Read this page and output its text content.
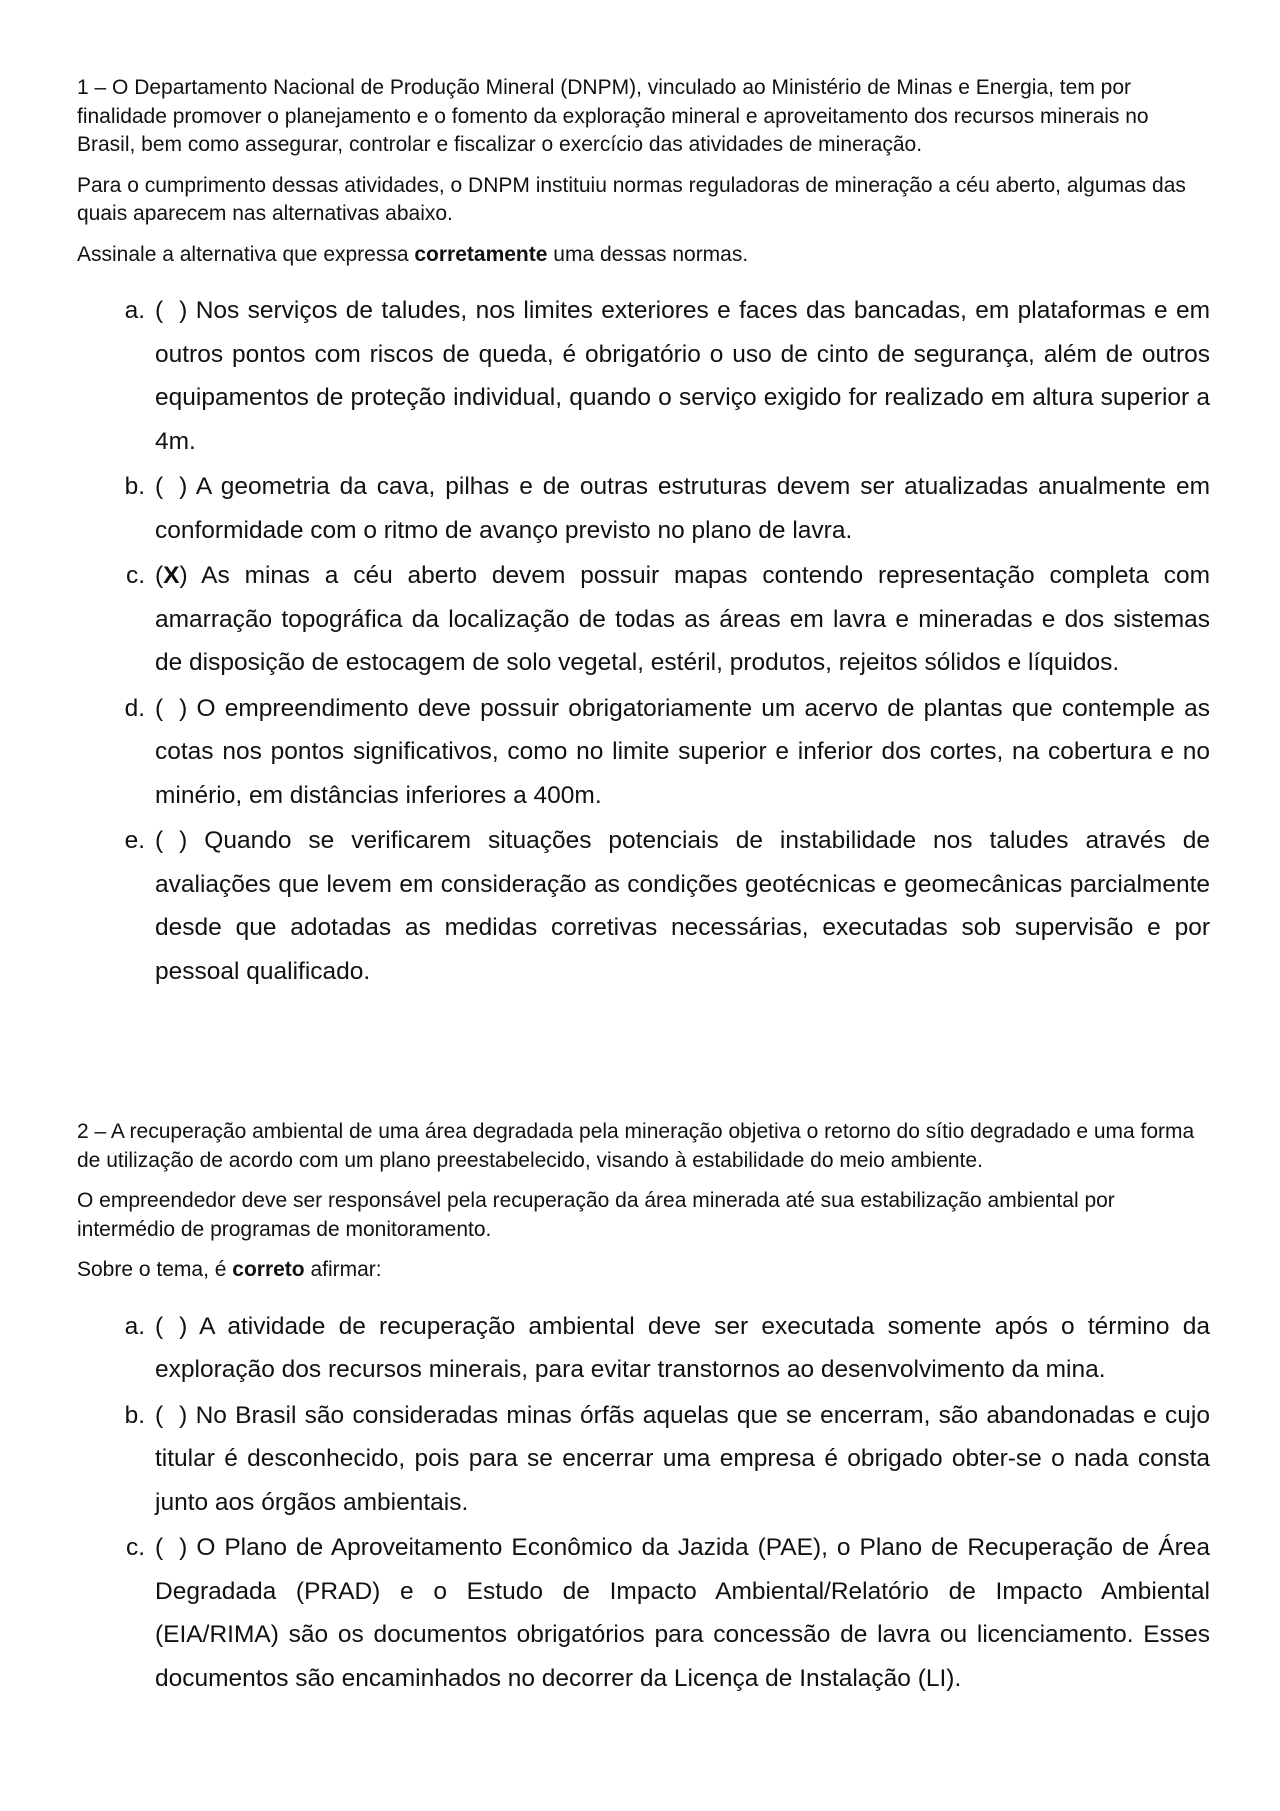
1 – O Departamento Nacional de Produção Mineral (DNPM), vinculado ao Ministério de Minas e Energia, tem por finalidade promover o planejamento e o fomento da exploração mineral e aproveitamento dos recursos minerais no Brasil, bem como assegurar, controlar e fiscalizar o exercício das atividades de mineração.

Para o cumprimento dessas atividades, o DNPM instituiu normas reguladoras de mineração a céu aberto, algumas das quais aparecem nas alternativas abaixo.

Assinale a alternativa que expressa corretamente uma dessas normas.

a. ( ) Nos serviços de taludes, nos limites exteriores e faces das bancadas, em plataformas e em outros pontos com riscos de queda, é obrigatório o uso de cinto de segurança, além de outros equipamentos de proteção individual, quando o serviço exigido for realizado em altura superior a 4m.
b. ( ) A geometria da cava, pilhas e de outras estruturas devem ser atualizadas anualmente em conformidade com o ritmo de avanço previsto no plano de lavra.
c. (X) As minas a céu aberto devem possuir mapas contendo representação completa com amarração topográfica da localização de todas as áreas em lavra e mineradas e dos sistemas de disposição de estocagem de solo vegetal, estéril, produtos, rejeitos sólidos e líquidos.
d. ( ) O empreendimento deve possuir obrigatoriamente um acervo de plantas que contemple as cotas nos pontos significativos, como no limite superior e inferior dos cortes, na cobertura e no minério, em distâncias inferiores a 400m.
e. ( ) Quando se verificarem situações potenciais de instabilidade nos taludes através de avaliações que levem em consideração as condições geotécnicas e geomecânicas parcialmente desde que adotadas as medidas corretivas necessárias, executadas sob supervisão e por pessoal qualificado.

2 – A recuperação ambiental de uma área degradada pela mineração objetiva o retorno do sítio degradado e uma forma de utilização de acordo com um plano preestabelecido, visando à estabilidade do meio ambiente.

O empreendedor deve ser responsável pela recuperação da área minerada até sua estabilização ambiental por intermédio de programas de monitoramento.

Sobre o tema, é correto afirmar:

a. ( ) A atividade de recuperação ambiental deve ser executada somente após o término da exploração dos recursos minerais, para evitar transtornos ao desenvolvimento da mina.
b. ( ) No Brasil são consideradas minas órfãs aquelas que se encerram, são abandonadas e cujo titular é desconhecido, pois para se encerrar uma empresa é obrigado obter-se o nada consta junto aos órgãos ambientais.
c. ( ) O Plano de Aproveitamento Econômico da Jazida (PAE), o Plano de Recuperação de Área Degradada (PRAD) e o Estudo de Impacto Ambiental/Relatório de Impacto Ambiental (EIA/RIMA) são os documentos obrigatórios para concessão de lavra ou licenciamento. Esses documentos são encaminhados no decorrer da Licença de Instalação (LI).
